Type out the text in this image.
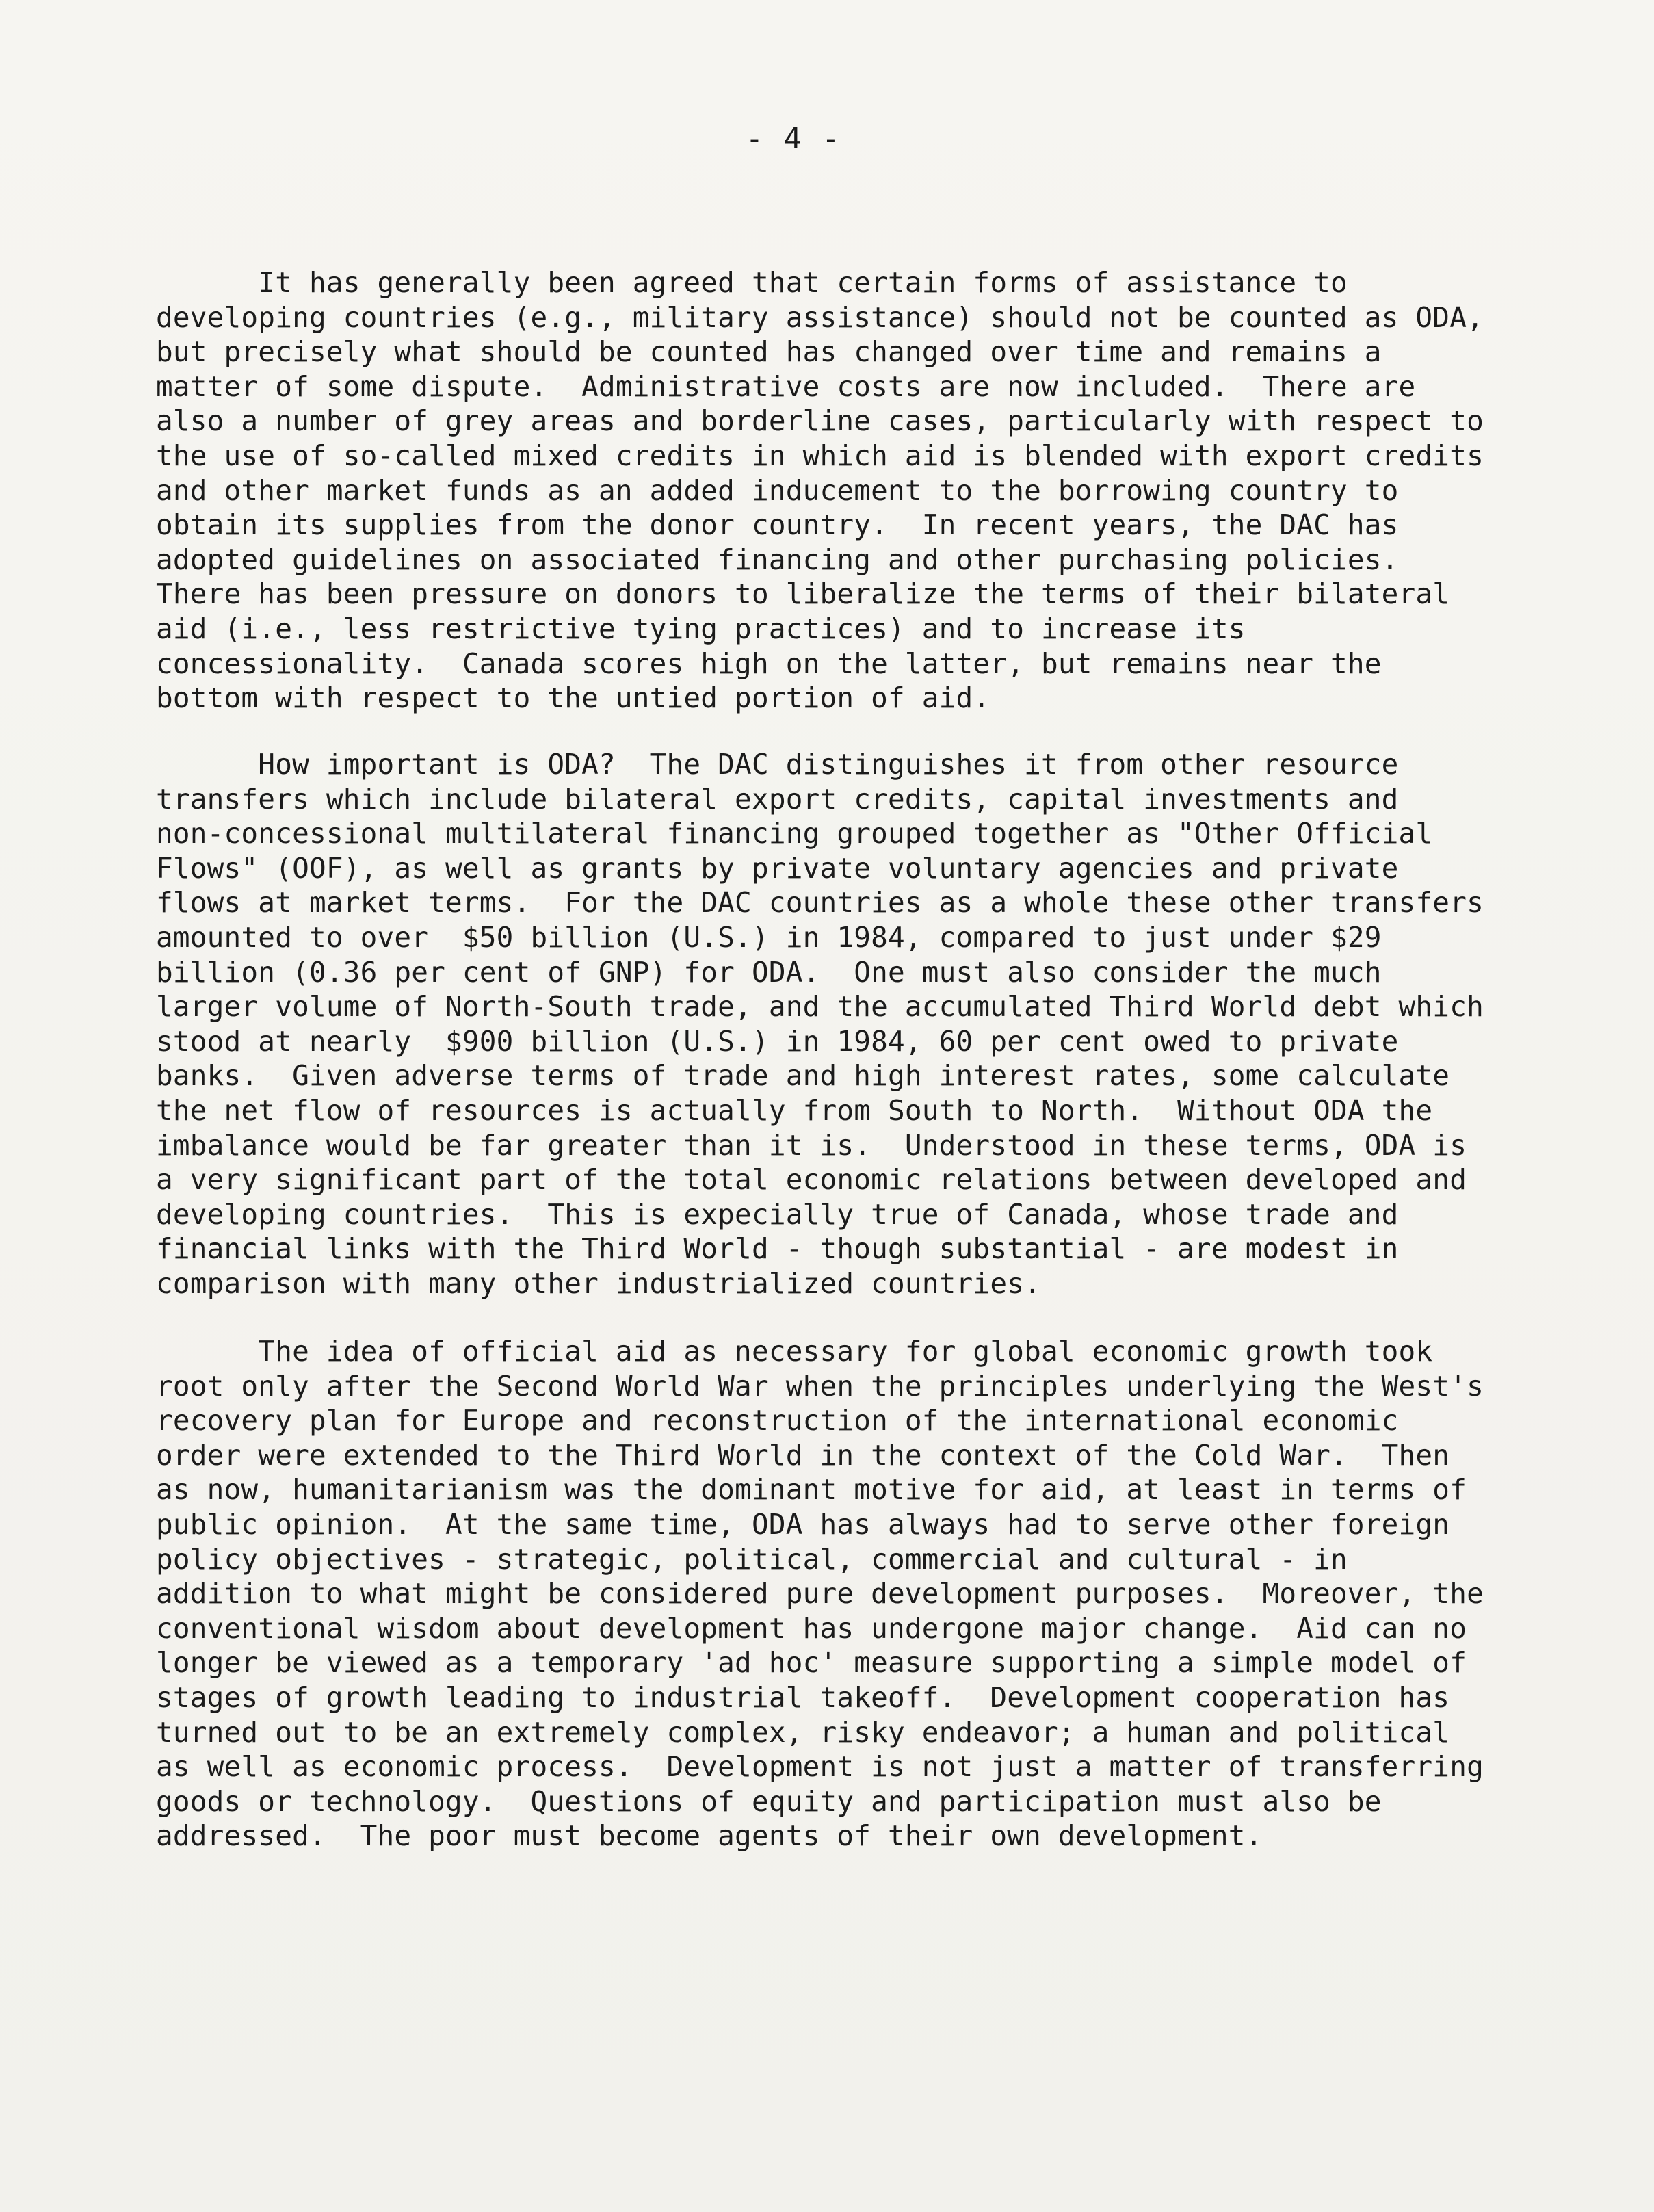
- 4 -

It has generally been agreed that certain forms of assistance to
developing countries (e.g., military assistance) should not be counted as ODA,
but precisely what should be counted has changed over time and remains a
matter of some dispute.  Administrative costs are now included.  There are
also a number of grey areas and borderline cases, particularly with respect to
the use of so-called mixed credits in which aid is blended with export credits
and other market funds as an added inducement to the borrowing country to
obtain its supplies from the donor country.  In recent years, the DAC has
adopted guidelines on associated financing and other purchasing policies.
There has been pressure on donors to liberalize the terms of their bilateral
aid (i.e., less restrictive tying practices) and to increase its
concessionality.  Canada scores high on the latter, but remains near the
bottom with respect to the untied portion of aid.

How important is ODA?  The DAC distinguishes it from other resource
transfers which include bilateral export credits, capital investments and
non-concessional multilateral financing grouped together as "Other Official
Flows" (OOF), as well as grants by private voluntary agencies and private
flows at market terms.  For the DAC countries as a whole these other transfers
amounted to over  $50 billion (U.S.) in 1984, compared to just under $29
billion (0.36 per cent of GNP) for ODA.  One must also consider the much
larger volume of North-South trade, and the accumulated Third World debt which
stood at nearly  $900 billion (U.S.) in 1984, 60 per cent owed to private
banks.  Given adverse terms of trade and high interest rates, some calculate
the net flow of resources is actually from South to North.  Without ODA the
imbalance would be far greater than it is.  Understood in these terms, ODA is
a very significant part of the total economic relations between developed and
developing countries.  This is expecially true of Canada, whose trade and
financial links with the Third World - though substantial - are modest in
comparison with many other industrialized countries.

The idea of official aid as necessary for global economic growth took
root only after the Second World War when the principles underlying the West's
recovery plan for Europe and reconstruction of the international economic
order were extended to the Third World in the context of the Cold War.  Then
as now, humanitarianism was the dominant motive for aid, at least in terms of
public opinion.  At the same time, ODA has always had to serve other foreign
policy objectives - strategic, political, commercial and cultural - in
addition to what might be considered pure development purposes.  Moreover, the
conventional wisdom about development has undergone major change.  Aid can no
longer be viewed as a temporary 'ad hoc' measure supporting a simple model of
stages of growth leading to industrial takeoff.  Development cooperation has
turned out to be an extremely complex, risky endeavor; a human and political
as well as economic process.  Development is not just a matter of transferring
goods or technology.  Questions of equity and participation must also be
addressed.  The poor must become agents of their own development.
